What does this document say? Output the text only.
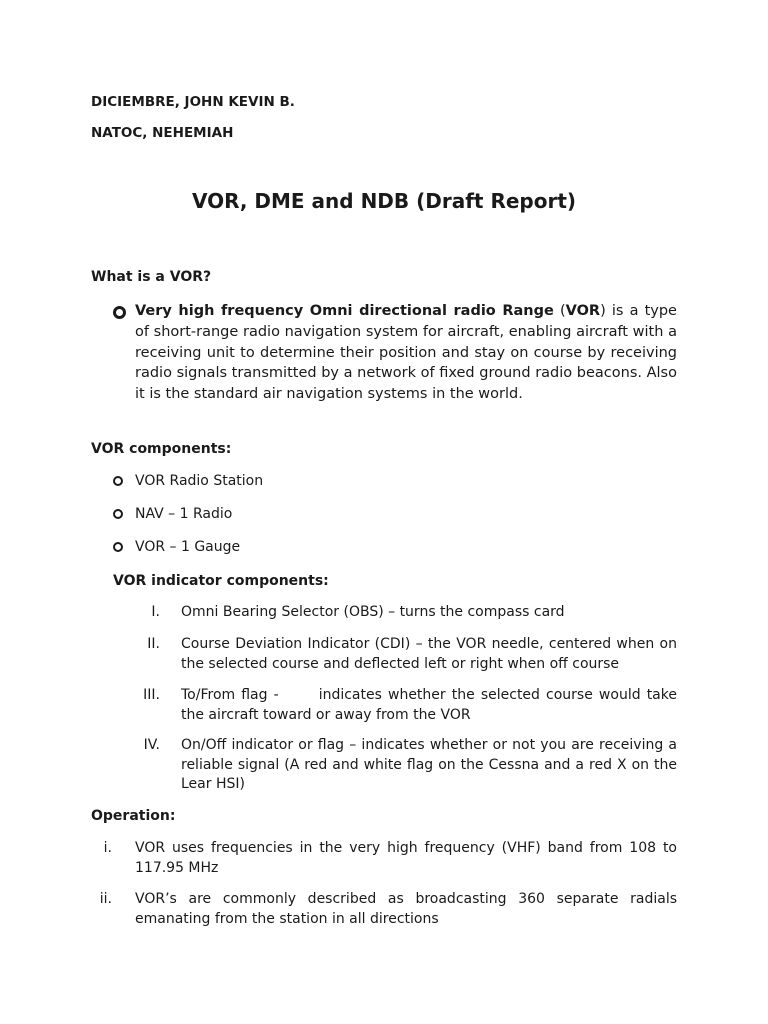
DICIEMBRE, JOHN KEVIN B.
NATOC, NEHEMIAH
VOR, DME and NDB (Draft Report)
What is a VOR?
Very high frequency Omni directional radio Range (VOR) is a type of short-range radio navigation system for aircraft, enabling aircraft with a receiving unit to determine their position and stay on course by receiving radio signals transmitted by a network of fixed ground radio beacons. Also it is the standard air navigation systems in the world.
VOR components:
VOR Radio Station
NAV – 1 Radio
VOR – 1 Gauge
VOR indicator components:
I. Omni Bearing Selector (OBS) – turns the compass card
II. Course Deviation Indicator (CDI) – the VOR needle, centered when on the selected course and deflected left or right when off course
III. To/From flag -	indicates whether the selected course would take the aircraft toward or away from the VOR
IV. On/Off indicator or flag – indicates whether or not you are receiving a reliable signal (A red and white flag on the Cessna and a red X on the Lear HSI)
Operation:
i. VOR uses frequencies in the very high frequency (VHF) band from 108 to 117.95 MHz
ii. VOR’s are commonly described as broadcasting 360 separate radials emanating from the station in all directions
